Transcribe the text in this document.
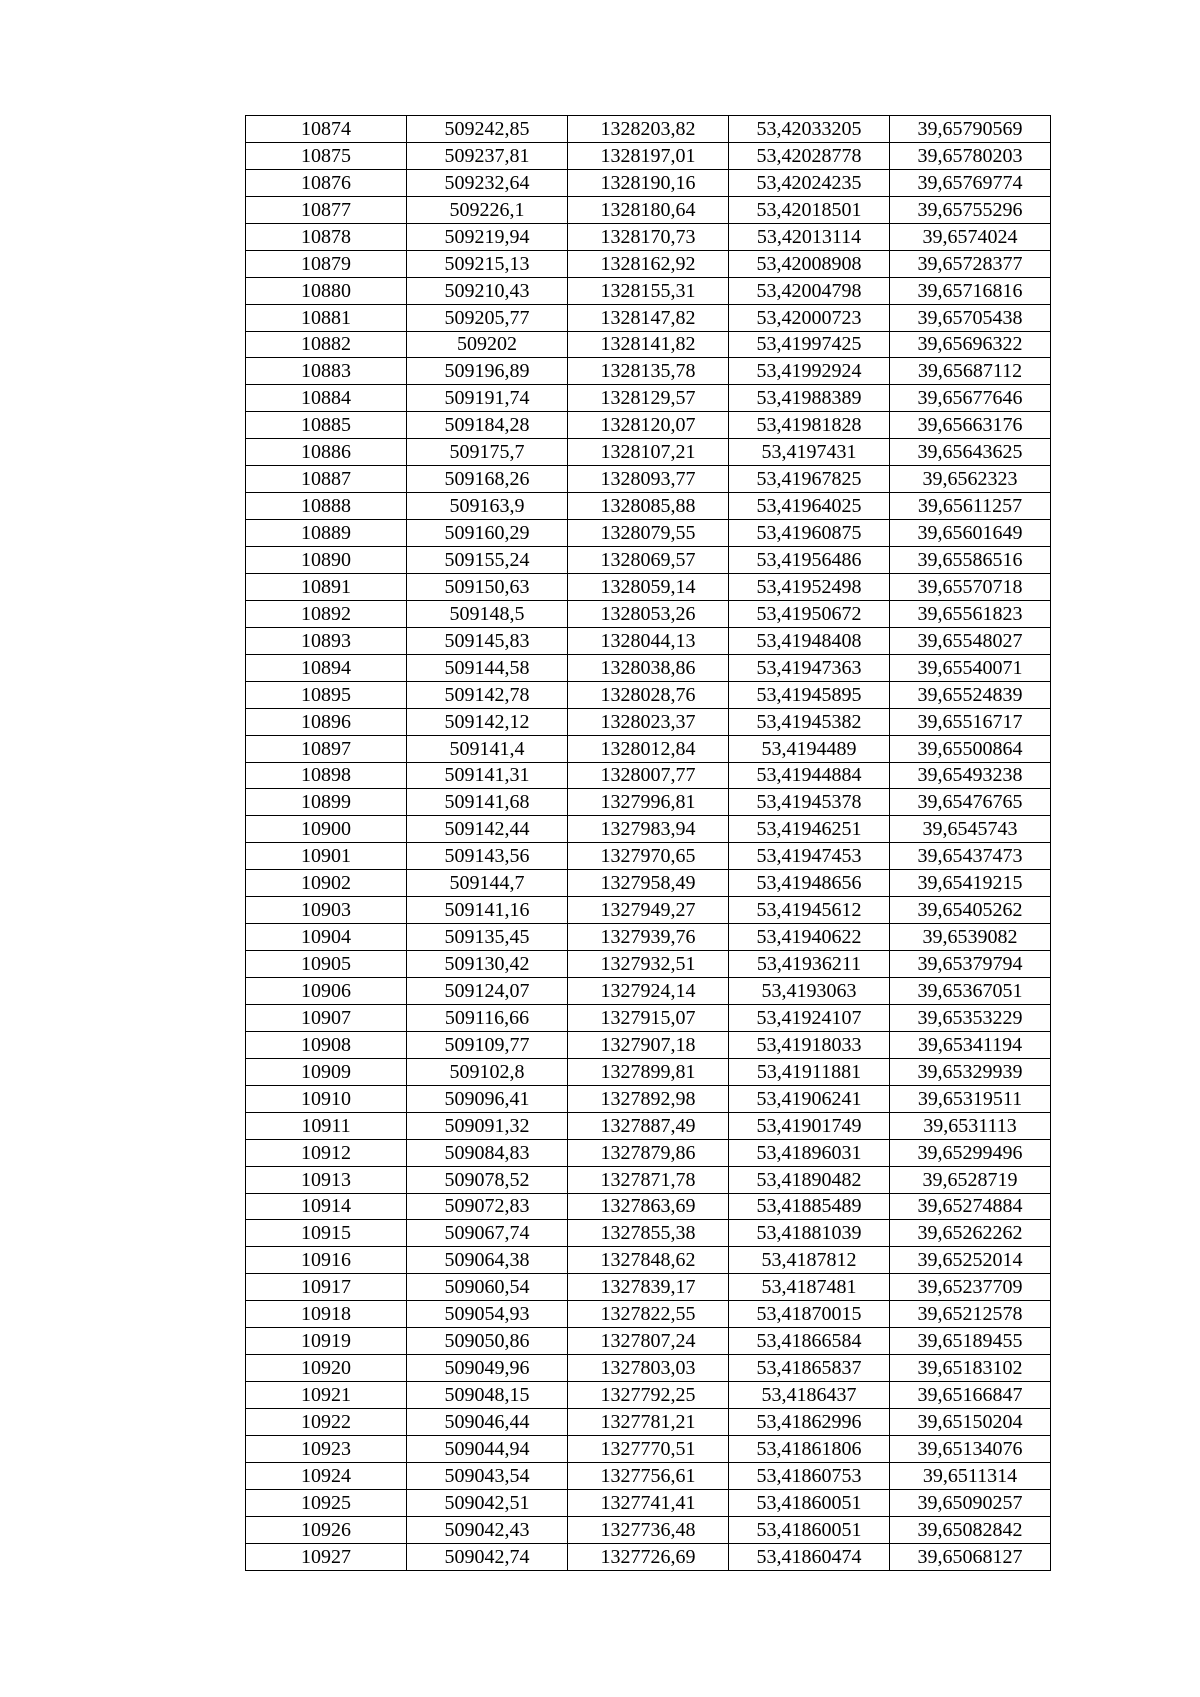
10874	509242,85	1328203,82	53,42033205	39,65790569
10875	509237,81	1328197,01	53,42028778	39,65780203
10876	509232,64	1328190,16	53,42024235	39,65769774
10877	509226,1	1328180,64	53,42018501	39,65755296
10878	509219,94	1328170,73	53,42013114	39,6574024
10879	509215,13	1328162,92	53,42008908	39,65728377
10880	509210,43	1328155,31	53,42004798	39,65716816
10881	509205,77	1328147,82	53,42000723	39,65705438
10882	509202	1328141,82	53,41997425	39,65696322
10883	509196,89	1328135,78	53,41992924	39,65687112
10884	509191,74	1328129,57	53,41988389	39,65677646
10885	509184,28	1328120,07	53,41981828	39,65663176
10886	509175,7	1328107,21	53,4197431	39,65643625
10887	509168,26	1328093,77	53,41967825	39,6562323
10888	509163,9	1328085,88	53,41964025	39,65611257
10889	509160,29	1328079,55	53,41960875	39,65601649
10890	509155,24	1328069,57	53,41956486	39,65586516
10891	509150,63	1328059,14	53,41952498	39,65570718
10892	509148,5	1328053,26	53,41950672	39,65561823
10893	509145,83	1328044,13	53,41948408	39,65548027
10894	509144,58	1328038,86	53,41947363	39,65540071
10895	509142,78	1328028,76	53,41945895	39,65524839
10896	509142,12	1328023,37	53,41945382	39,65516717
10897	509141,4	1328012,84	53,4194489	39,65500864
10898	509141,31	1328007,77	53,41944884	39,65493238
10899	509141,68	1327996,81	53,41945378	39,65476765
10900	509142,44	1327983,94	53,41946251	39,6545743
10901	509143,56	1327970,65	53,41947453	39,65437473
10902	509144,7	1327958,49	53,41948656	39,65419215
10903	509141,16	1327949,27	53,41945612	39,65405262
10904	509135,45	1327939,76	53,41940622	39,6539082
10905	509130,42	1327932,51	53,41936211	39,65379794
10906	509124,07	1327924,14	53,4193063	39,65367051
10907	509116,66	1327915,07	53,41924107	39,65353229
10908	509109,77	1327907,18	53,41918033	39,65341194
10909	509102,8	1327899,81	53,41911881	39,65329939
10910	509096,41	1327892,98	53,41906241	39,65319511
10911	509091,32	1327887,49	53,41901749	39,6531113
10912	509084,83	1327879,86	53,41896031	39,65299496
10913	509078,52	1327871,78	53,41890482	39,6528719
10914	509072,83	1327863,69	53,41885489	39,65274884
10915	509067,74	1327855,38	53,41881039	39,65262262
10916	509064,38	1327848,62	53,4187812	39,65252014
10917	509060,54	1327839,17	53,4187481	39,65237709
10918	509054,93	1327822,55	53,41870015	39,65212578
10919	509050,86	1327807,24	53,41866584	39,65189455
10920	509049,96	1327803,03	53,41865837	39,65183102
10921	509048,15	1327792,25	53,4186437	39,65166847
10922	509046,44	1327781,21	53,41862996	39,65150204
10923	509044,94	1327770,51	53,41861806	39,65134076
10924	509043,54	1327756,61	53,41860753	39,6511314
10925	509042,51	1327741,41	53,41860051	39,65090257
10926	509042,43	1327736,48	53,41860051	39,65082842
10927	509042,74	1327726,69	53,41860474	39,65068127
